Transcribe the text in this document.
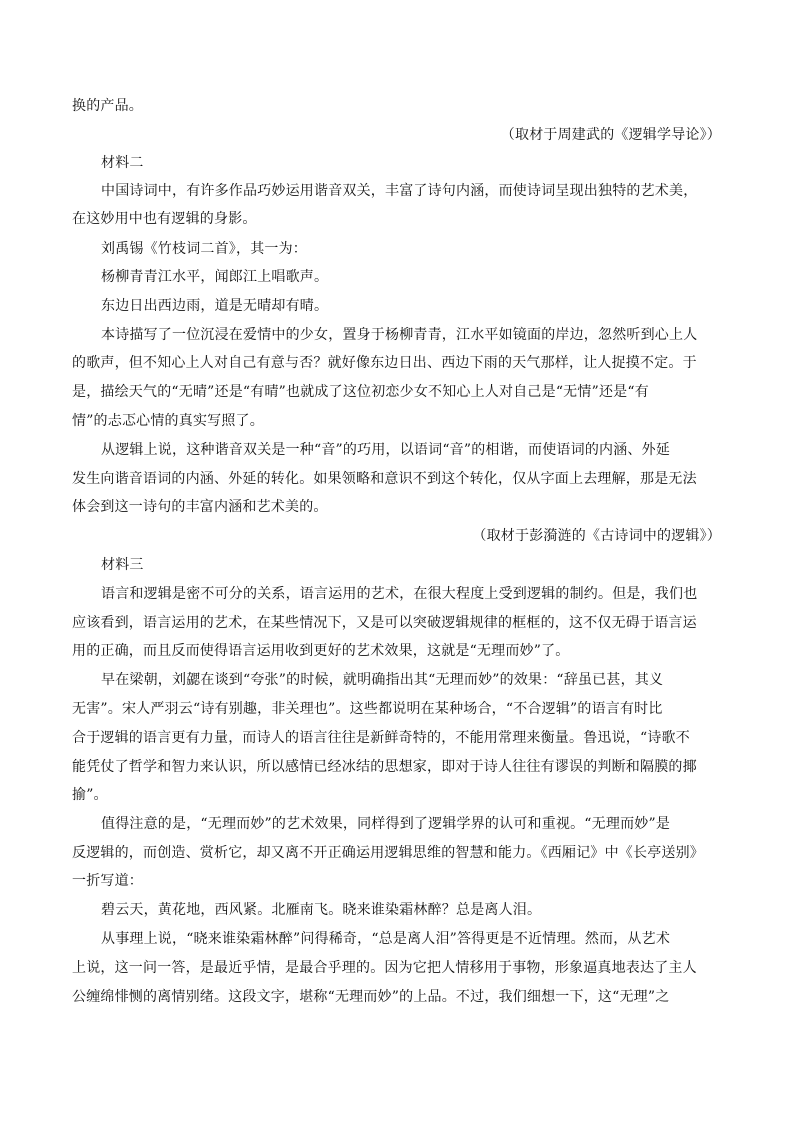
换的产品。
（取材于周建武的《逻辑学导论》）
材料二
中国诗词中，有许多作品巧妙运用谐音双关，丰富了诗句内涵，而使诗词呈现出独特的艺术美，
在这妙用中也有逻辑的身影。
刘禹锡《竹枝词二首》，其一为：
杨柳青青江水平，闻郎江上唱歌声。
东边日出西边雨，道是无晴却有晴。
本诗描写了一位沉浸在爱情中的少女，置身于杨柳青青，江水平如镜面的岸边，忽然听到心上人
的歌声，但不知心上人对自己有意与否？就好像东边日出、西边下雨的天气那样，让人捉摸不定。于
是，描绘天气的“无晴”还是“有晴”也就成了这位初恋少女不知心上人对自己是“无情”还是“有
情”的忐忑心情的真实写照了。
从逻辑上说，这种谐音双关是一种“音”的巧用，以语词“音”的相谐，而使语词的内涵、外延
发生向谐音语词的内涵、外延的转化。如果领略和意识不到这个转化，仅从字面上去理解，那是无法
体会到这一诗句的丰富内涵和艺术美的。
（取材于彭漪涟的《古诗词中的逻辑》）
材料三
语言和逻辑是密不可分的关系，语言运用的艺术，在很大程度上受到逻辑的制约。但是，我们也
应该看到，语言运用的艺术，在某些情况下，又是可以突破逻辑规律的框框的，这不仅无碍于语言运
用的正确，而且反而使得语言运用收到更好的艺术效果，这就是“无理而妙”了。
早在梁朝，刘勰在谈到“夸张”的时候，就明确指出其“无理而妙”的效果：“辞虽已甚，其义
无害”。宋人严羽云“诗有别趣，非关理也”。这些都说明在某种场合，“不合逻辑”的语言有时比
合于逻辑的语言更有力量，而诗人的语言往往是新鲜奇特的，不能用常理来衡量。鲁迅说，“诗歌不
能凭仗了哲学和智力来认识，所以感情已经冰结的思想家，即对于诗人往往有谬误的判断和隔膜的揶
揄”。
值得注意的是，“无理而妙”的艺术效果，同样得到了逻辑学界的认可和重视。“无理而妙”是
反逻辑的，而创造、赏析它，却又离不开正确运用逻辑思维的智慧和能力。《西厢记》中《长亭送别》
一折写道：
碧云天，黄花地，西风紧。北雁南飞。晓来谁染霜林醉？总是离人泪。
从事理上说，“晓来谁染霜林醉”问得稀奇，“总是离人泪”答得更是不近情理。然而，从艺术
上说，这一问一答，是最近乎情，是最合乎理的。因为它把人情移用于事物，形象逼真地表达了主人
公缠绵悱恻的离情别绪。这段文字，堪称“无理而妙”的上品。不过，我们细想一下，这“无理”之
